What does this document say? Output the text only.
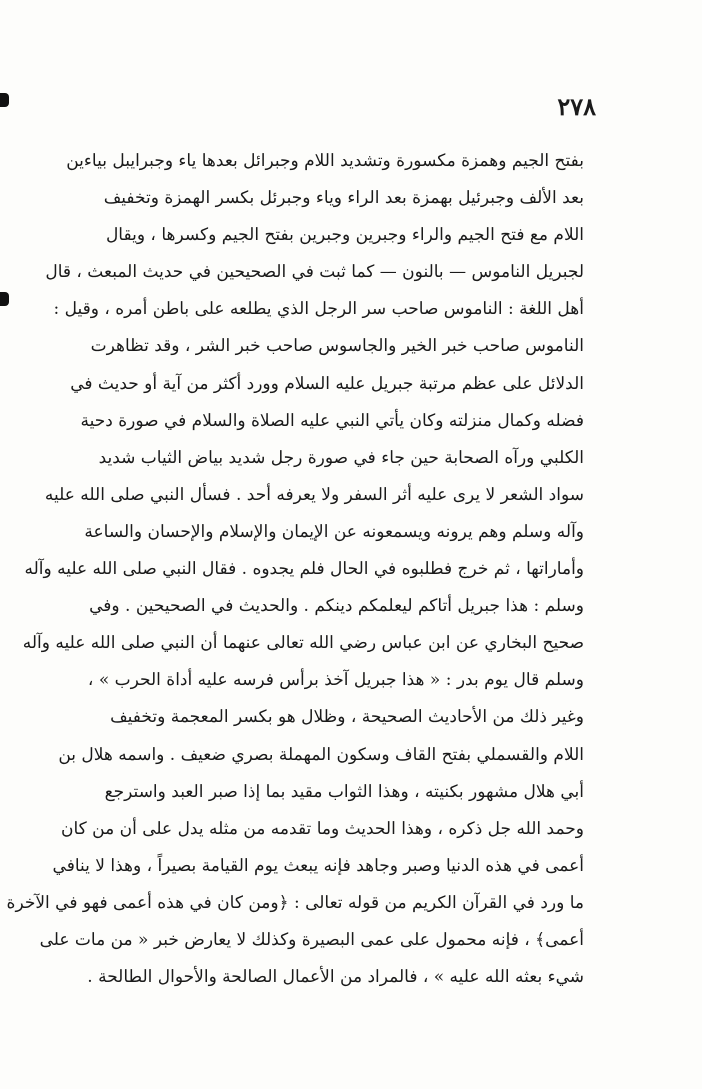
٢٧٨
بفتح الجيم وهمزة مكسورة وتشديد اللام وجبرائل بعدها ياء وجبرايبل بياءين
بعد الألف وجبرئيل بهمزة بعد الراء وياء وجبرئل بكسر الهمزة وتخفيف
اللام مع فتح الجيم والراء وجبرين وجبرين بفتح الجيم وكسرها ، ويقال
لجبريل الناموس — بالنون — كما ثبت في الصحيحين في حديث المبعث ، قال
أهل اللغة : الناموس صاحب سر الرجل الذي يطلعه على باطن أمره ، وقيل :
الناموس صاحب خبر الخير والجاسوس صاحب خبر الشر ، وقد تظاهرت
الدلائل على عظم مرتبة جبريل عليه السلام وورد أكثر من آية أو حديث في
فضله وكمال منزلته وكان يأتي النبي عليه الصلاة والسلام في صورة دحية
الكلبي ورآه الصحابة حين جاء في صورة رجل شديد بياض الثياب شديد
سواد الشعر لا يرى عليه أثر السفر ولا يعرفه أحد . فسأل النبي صلى الله عليه
وآله وسلم وهم يرونه ويسمعونه عن الإيمان والإسلام والإحسان والساعة
وأماراتها ، ثم خرج فطلبوه في الحال فلم يجدوه . فقال النبي صلى الله عليه وآله
وسلم : هذا جبريل أتاكم ليعلمكم دينكم . والحديث في الصحيحين . وفي
صحيح البخاري عن ابن عباس رضي الله تعالى عنهما أن النبي صلى الله عليه وآله
وسلم قال يوم بدر : « هذا جبريل آخذ برأس فرسه عليه أداة الحرب » ،
وغير ذلك من الأحاديث الصحيحة ، وظلال هو بكسر المعجمة وتخفيف
اللام والقسملي بفتح القاف وسكون المهملة بصري ضعيف . واسمه هلال بن
أبي هلال مشهور بكنيته ، وهذا الثواب مقيد بما إذا صبر العبد واسترجع
وحمد الله جل ذكره ، وهذا الحديث وما تقدمه من مثله يدل على أن من كان
أعمى في هذه الدنيا وصبر وجاهد فإنه يبعث يوم القيامة بصيراً ، وهذا لا ينافي
ما ورد في القرآن الكريم من قوله تعالى : ﴿ومن كان في هذه أعمى فهو في الآخرة
أعمى﴾ ، فإنه محمول على عمى البصيرة وكذلك لا يعارض خبر « من مات على
شيء بعثه الله عليه » ، فالمراد من الأعمال الصالحة والأحوال الطالحة .
